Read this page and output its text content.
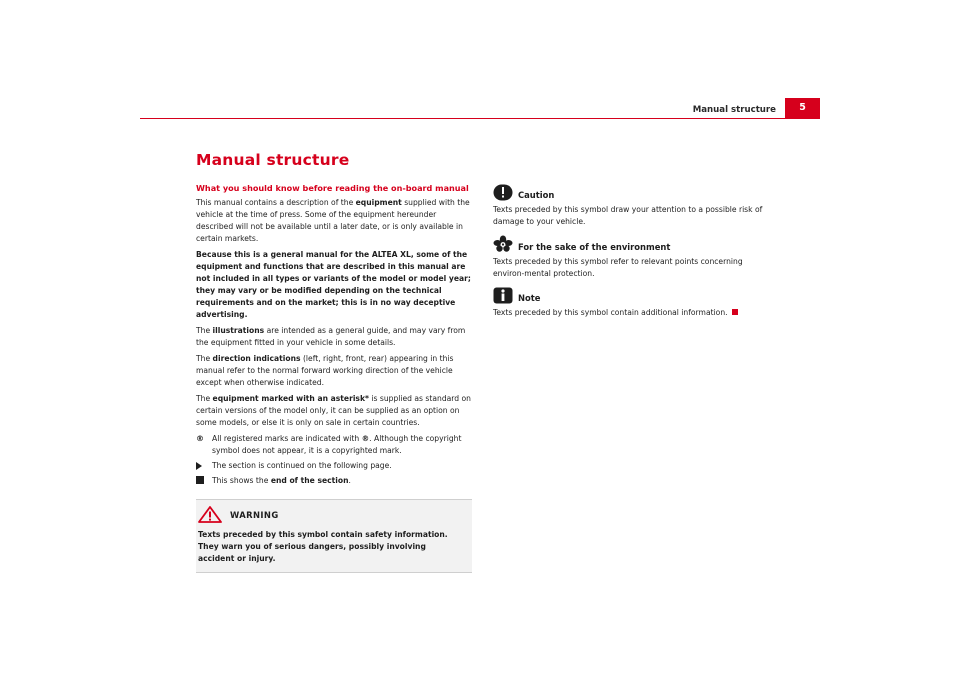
Manual structure	5
Manual structure
What you should know before reading the on-board manual

This manual contains a description of the equipment supplied with the vehicle at the time of press. Some of the equipment hereunder described will not be available until a later date, or is only available in certain markets.

Because this is a general manual for the ALTEA XL, some of the equipment and functions that are described in this manual are not included in all types or variants of the model or model year; they may vary or be modified depending on the technical requirements and on the market; this is in no way deceptive advertising.

The illustrations are intended as a general guide, and may vary from the equipment fitted in your vehicle in some details.

The direction indications (left, right, front, rear) appearing in this manual refer to the normal forward working direction of the vehicle except when otherwise indicated.

The equipment marked with an asterisk* is supplied as standard on certain versions of the model only, it can be supplied as an option on some models, or else it is only on sale in certain countries.

®	All registered marks are indicated with ®. Although the copyright symbol does not appear, it is a copyrighted mark.
The section is continued on the following page.
This shows the end of the section.
WARNING
Texts preceded by this symbol contain safety information. They warn you of serious dangers, possibly involving accident or injury.
Caution
Texts preceded by this symbol draw your attention to a possible risk of damage to your vehicle.
For the sake of the environment
Texts preceded by this symbol refer to relevant points concerning environ-mental protection.
Note
Texts preceded by this symbol contain additional information.
